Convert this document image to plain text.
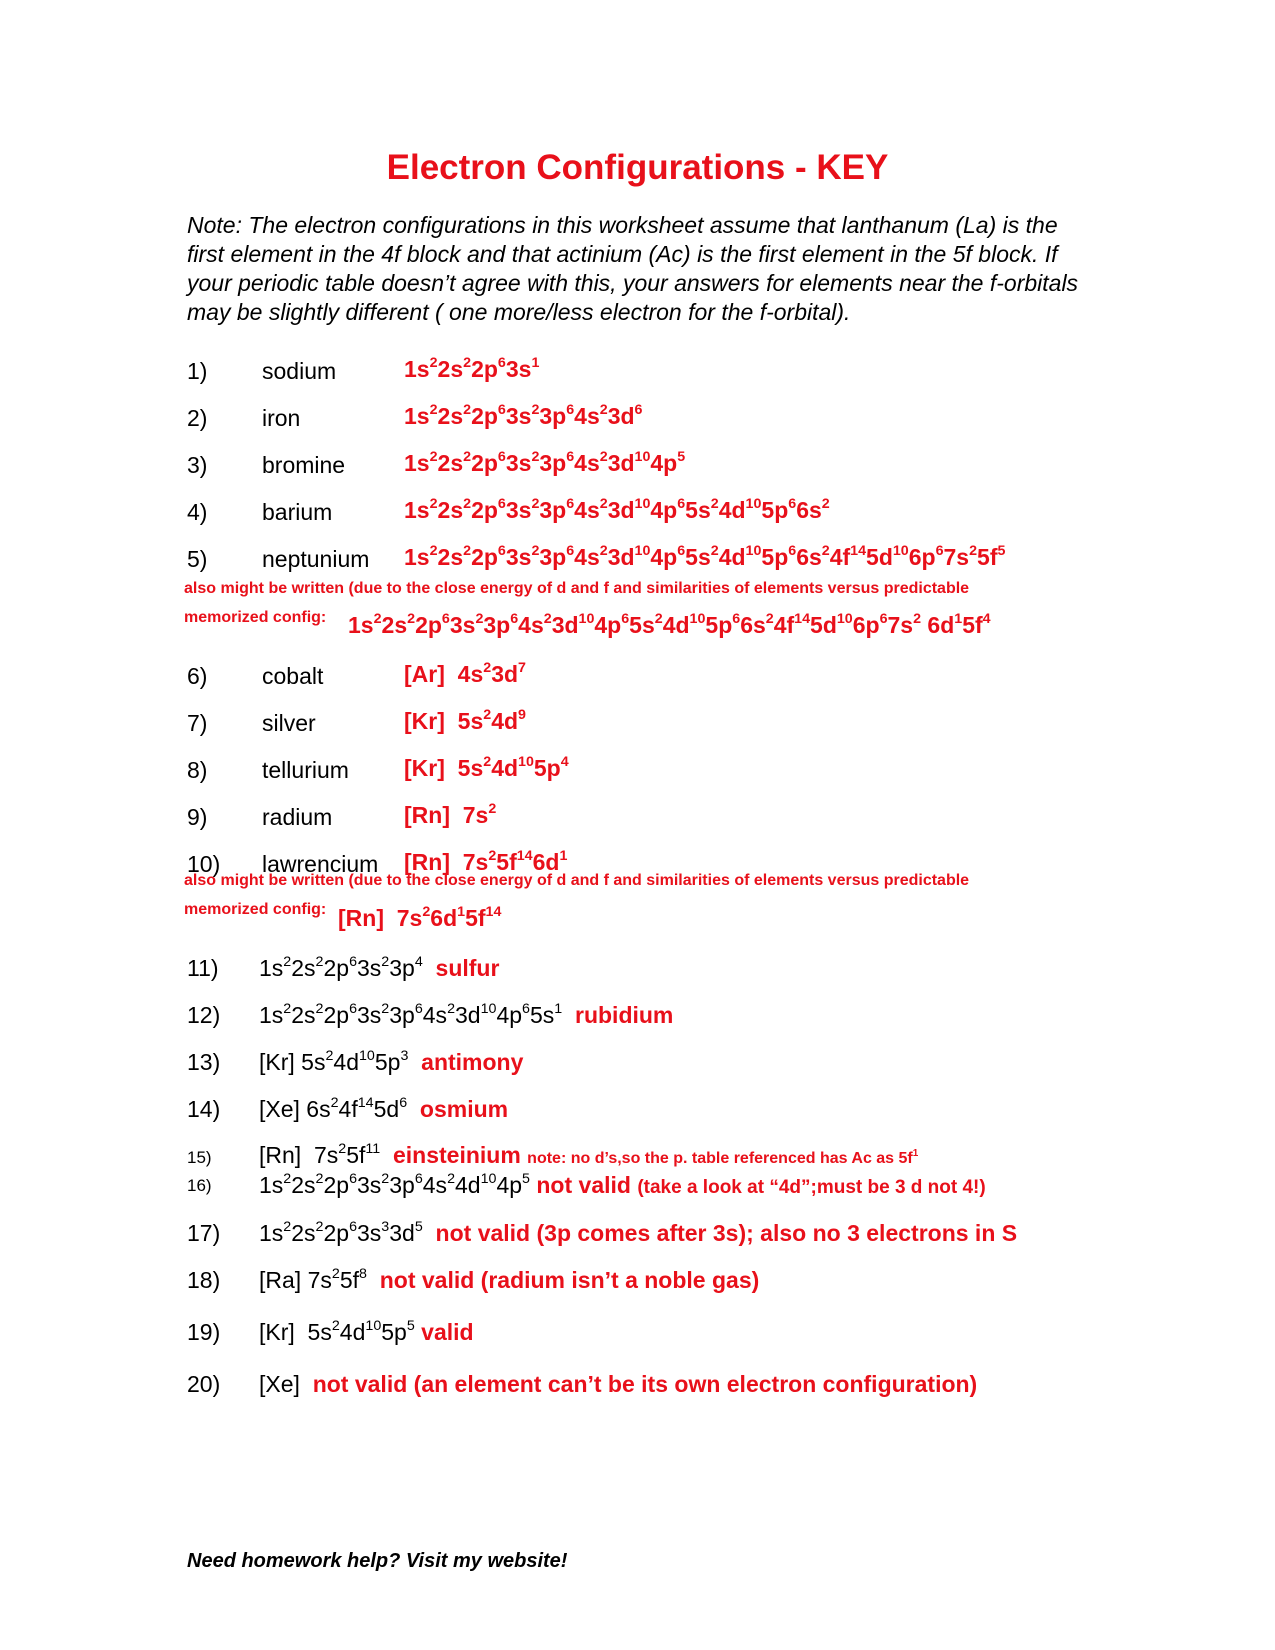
Electron Configurations - KEY
Note: The electron configurations in this worksheet assume that lanthanum (La) is the first element in the 4f block and that actinium (Ac) is the first element in the 5f block. If your periodic table doesn’t agree with this, your answers for elements near the f-orbitals may be slightly different ( one more/less electron for the f-orbital).
1) sodium	$1s^22s^22p^63s^1$
2) iron	$1s^22s^22p^63s^23p^64s^23d^6$
3) bromine	$1s^22s^22p^63s^23p^64s^23d^{10}4p^5$
4) barium	$1s^22s^22p^63s^23p^64s^23d^{10}4p^65s^24d^{10}5p^66s^2$
5) neptunium $1s^22s^22p^63s^23p^64s^23d^{10}4p^65s^24d^{10}5p^66s^24f^{14}5d^{10}6p^67s^25f^5$
also might be written (due to the close energy of d and f and similarities of elements versus predictable
memorized config: $1s^22s^22p^63s^23p^64s^23d^{10}4p^65s^24d^{10}5p^66s^24f^{14}5d^{10}6p^67s^2$ $6d^15f^4$
6) cobalt	[Ar]  $4s^23d^7$
7) silver	[Kr]  $5s^24d^9$
8) tellurium [Kr]  $5s^24d^{10}5p^4$
9) radium	[Rn]  $7s^2$
10) lawrencium [Rn]  $7s^25f^{14}6d^1$
also might be written (due to the close energy of d and f and similarities of elements versus predictable
memorized config: [Rn]  $7s^26d^15f^{14}$
11) $1s^22s^22p^63s^23p^4$ sulfur
12) $1s^22s^22p^63s^23p^64s^23d^{10}4p^65s^1$ rubidium
13) [Kr] $5s^24d^{10}5p^3$ antimony
14) [Xe] $6s^24f^{14}5d^6$ osmium
15) [Rn]  $7s^25f^{11}$ einsteinium note: no d’s,so the p. table referenced has Ac as $5f^1$
16) $1s^22s^22p^63s^23p^64s^24d^{10}4p^5$ not valid (take a look at “4d”;must be 3 d not 4!)
17) $1s^22s^22p^63s^33d^5$ not valid (3p comes after 3s); also no 3 electrons in S
18) [Ra] $7s^25f^8$ not valid (radium isn’t a noble gas)
19) [Kr]  $5s^24d^{10}5p^5$ valid
20) [Xe]  not valid (an element can’t be its own electron configuration)
Need homework help? Visit my website!
